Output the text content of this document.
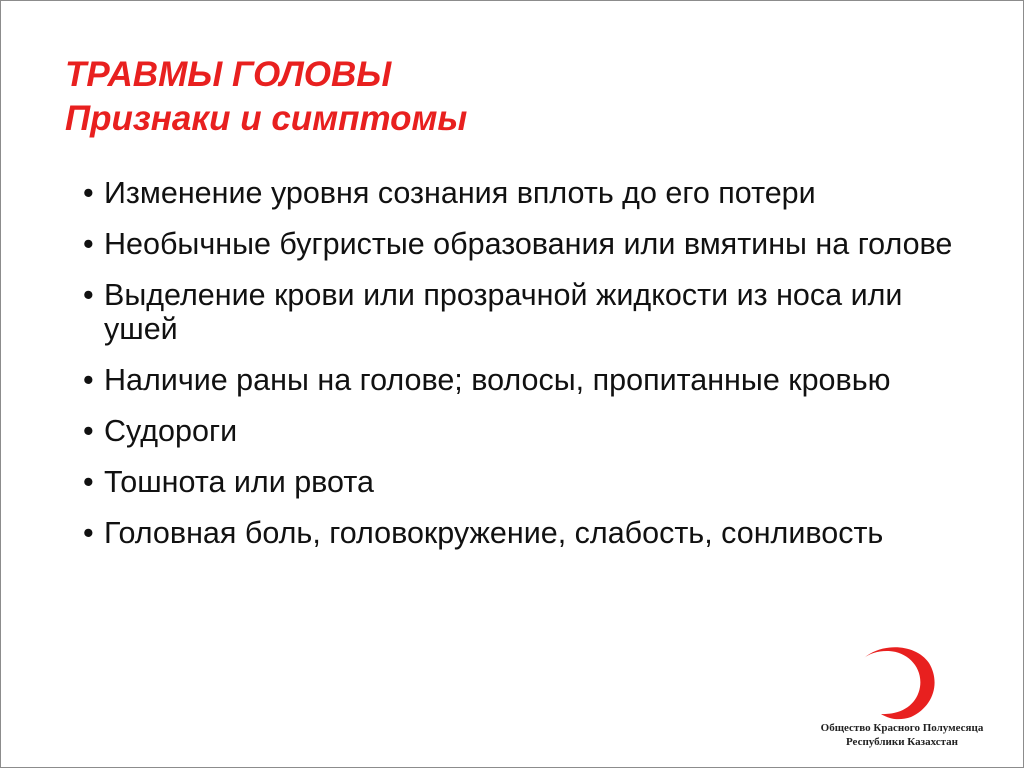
ТРАВМЫ ГОЛОВЫ
Признаки и симптомы
• Изменение уровня сознания вплоть до его потери
• Необычные бугристые образования или вмятины на голове
• Выделение крови или прозрачной жидкости из носа или ушей
• Наличие раны на голове; волосы, пропитанные кровью
• Судороги
• Тошнота или рвота
• Головная боль, головокружение, слабость, сонливость
Общество Красного Полумесяца
Республики Казахстан
